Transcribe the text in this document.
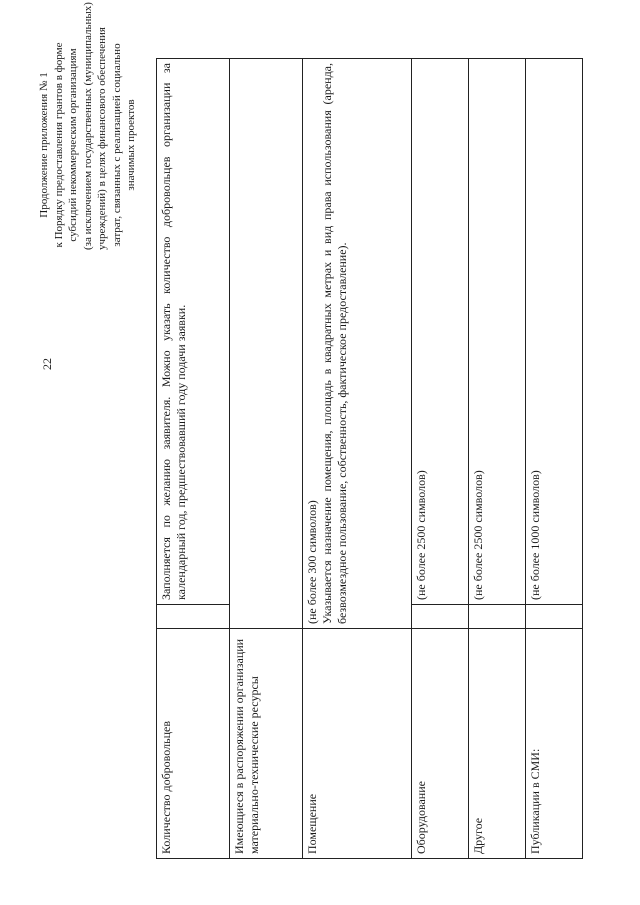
22
Продолжение приложения № 1 к Порядку предоставления грантов в форме субсидий некоммерческим организациям (за исключением государственных (муниципальных) учреждений) в целях финансового обеспечения затрат, связанных с реализацией социально значимых проектов
Количество добровольцев		Заполняется по желанию заявителя. Можно указать количество добровольцев организации за календарный год, предшествовавший году подачи заявки.
Имеющиеся в распоряжении организации материально-технические ресурсы		
Помещение	(не более 300 символов) Указывается назначение помещения, площадь в квадратных метрах и вид права использования (аренда, безвозмездное пользование, собственность, фактическое предоставление).	

Оборудование		(не более 2500 символов)
Другое		(не более 2500 символов)
Публикации в СМИ:		(не более 1000 символов)
